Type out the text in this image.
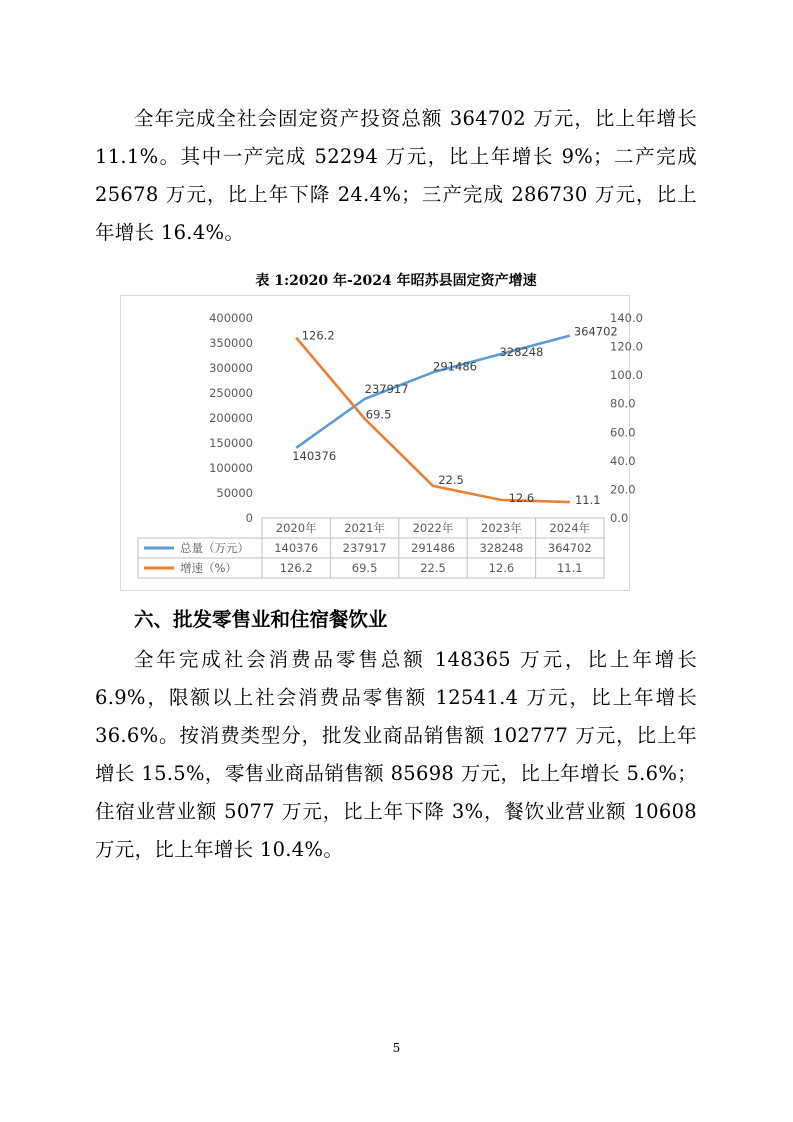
全年完成全社会固定资产投资总额 364702 万元，比上年增长 11.1%。其中一产完成 52294 万元，比上年增长 9%；二产完成 25678 万元，比上年下降 24.4%；三产完成 286730 万元，比上年增长 16.4%。

表 1:2020 年-2024 年昭苏县固定资产增速

0
50000
100000
150000
200000
250000
300000
350000
400000
0.0
20.0
40.0
60.0
80.0
100.0
120.0
140.0
2020年 2021年 2022年 2023年 2024年
总量（万元） 140376 237917 291486 328248 364702
增速（%）	126.2	69.5	22.5	12.6	11.1
140376
237917
291486
328248
364702
126.2
69.5
22.5
12.6	11.1

六、批发零售业和住宿餐饮业

全年完成社会消费品零售总额 148365 万元，比上年增长 6.9%，限额以上社会消费品零售额 12541.4 万元，比上年增长 36.6%。按消费类型分，批发业商品销售额 102777 万元，比上年增长 15.5%，零售业商品销售额 85698 万元，比上年增长 5.6%；住宿业营业额 5077 万元，比上年下降 3%，餐饮业营业额 10608 万元，比上年增长 10.4%。

5
